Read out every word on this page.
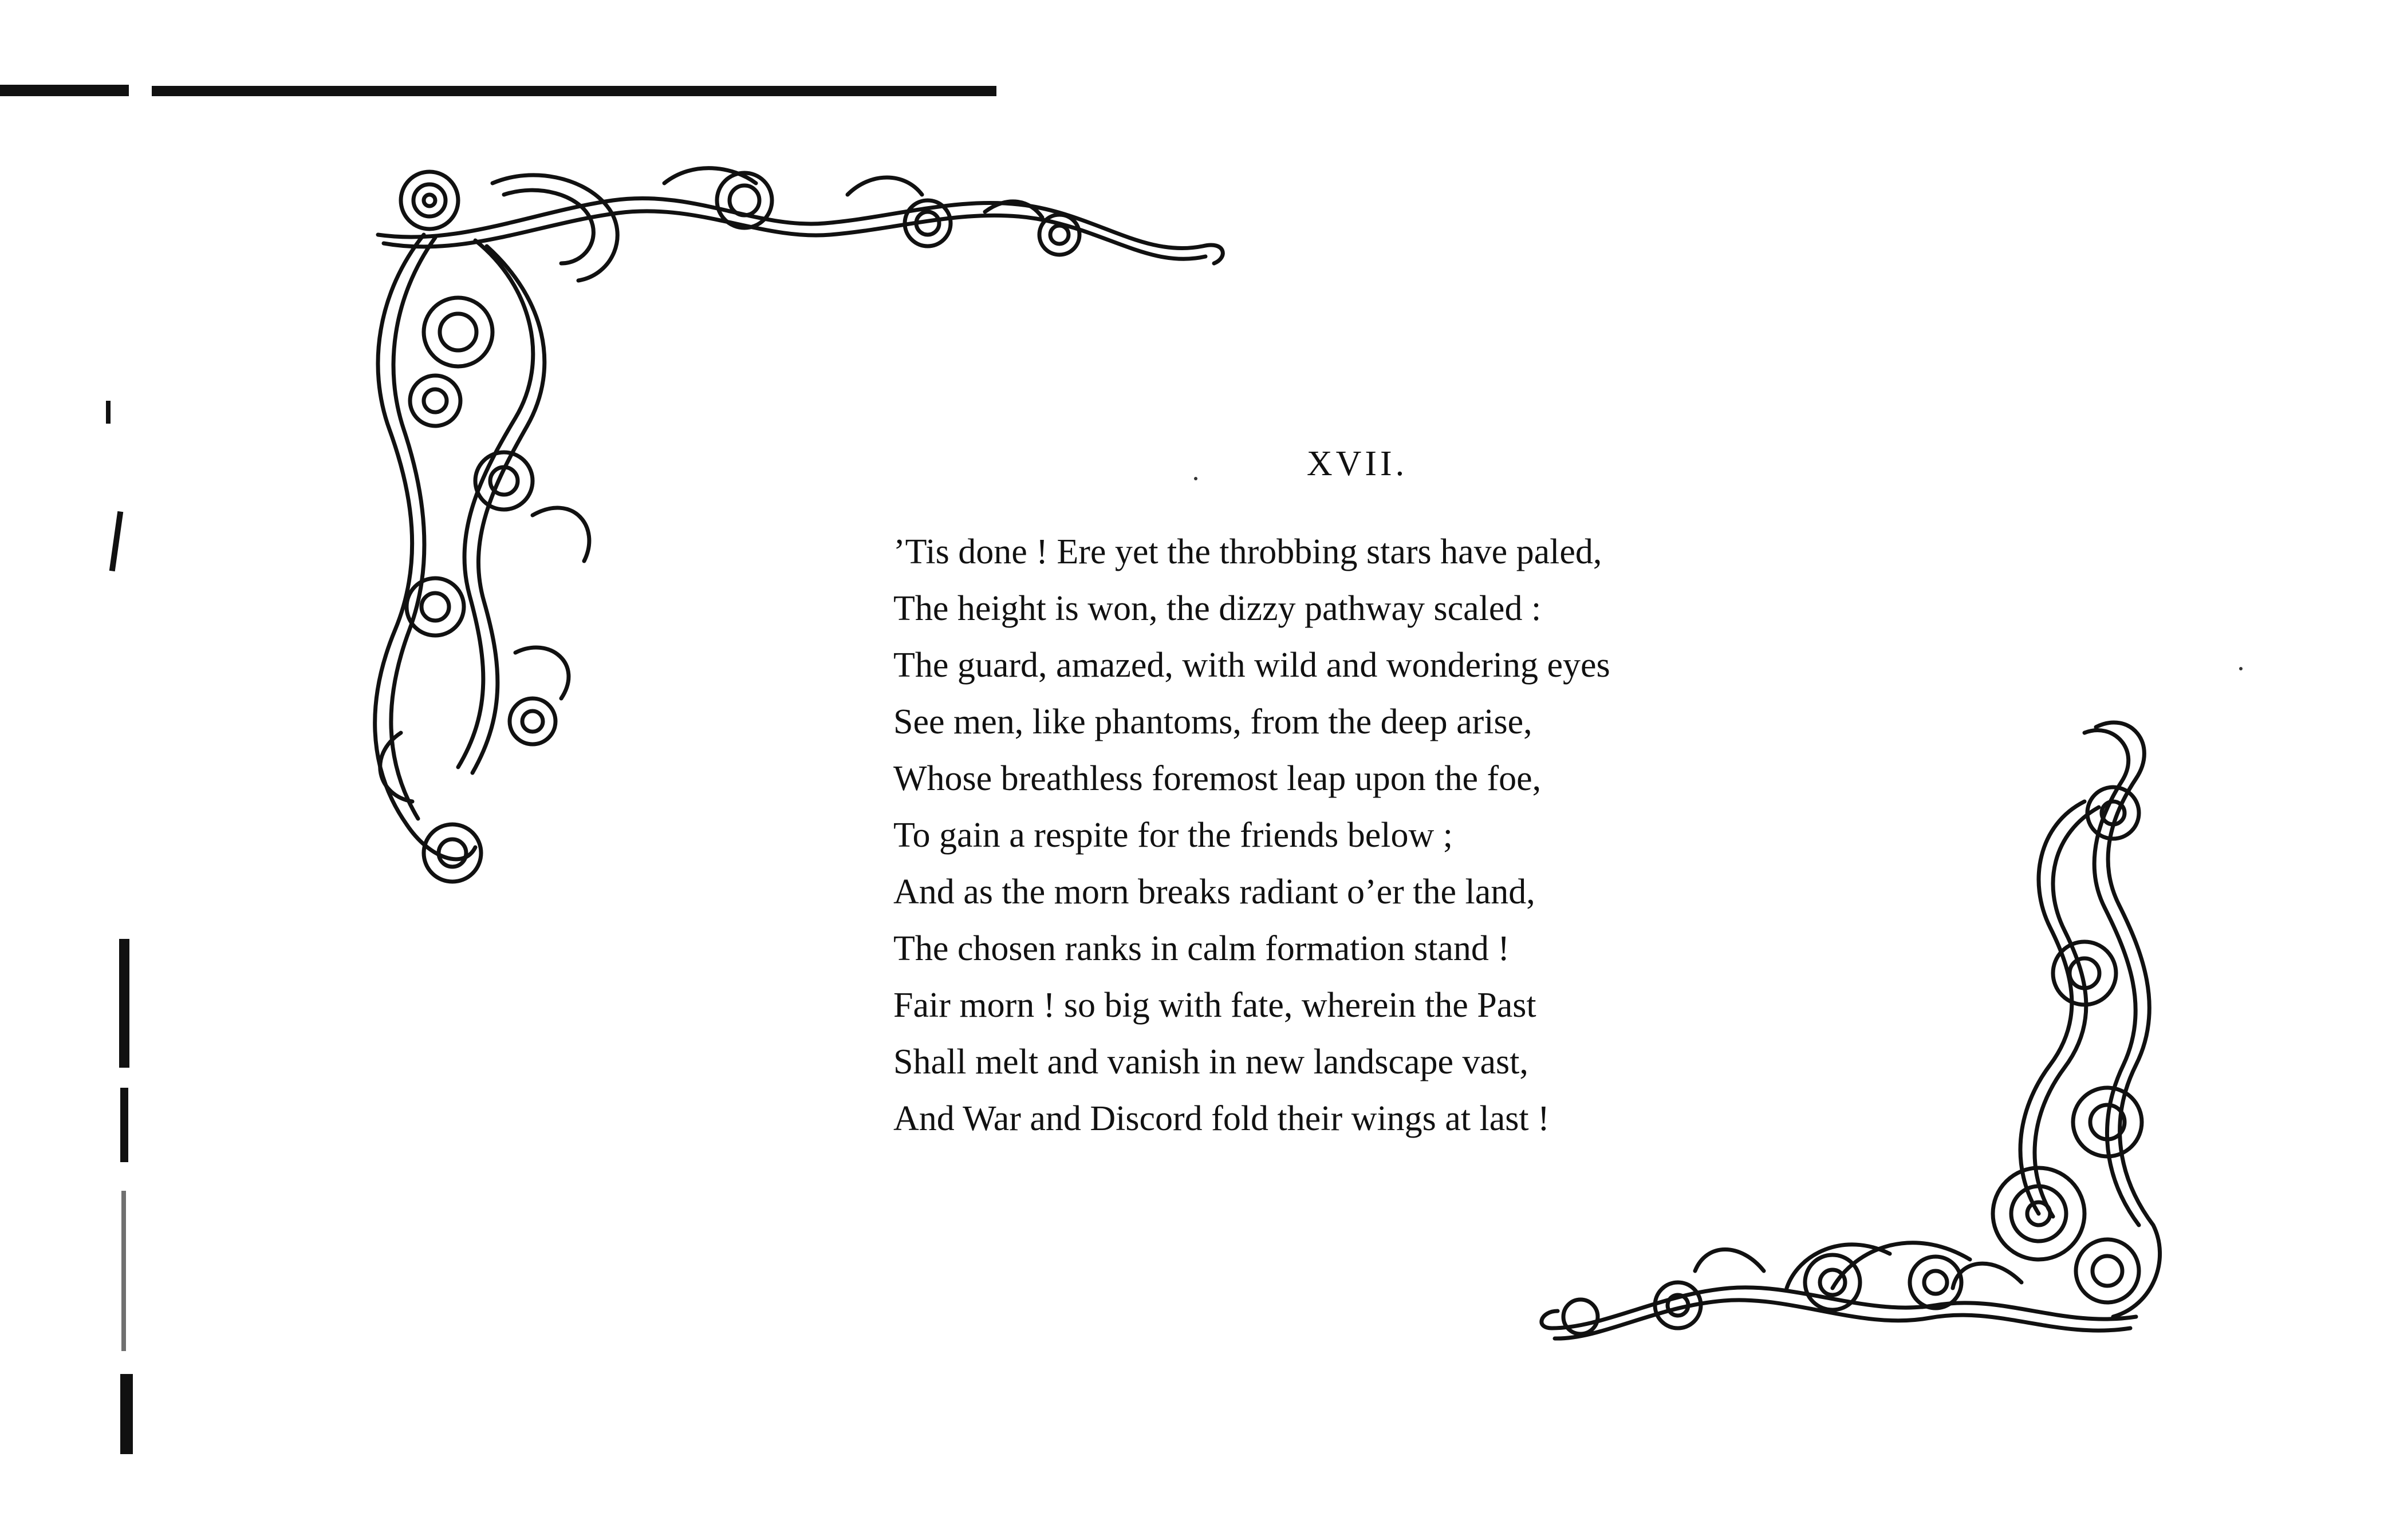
XVII.
’Tis done ! Ere yet the throbbing stars have paled,
The height is won, the dizzy pathway scaled :
The guard, amazed, with wild and wondering eyes
See men, like phantoms, from the deep arise,
Whose breathless foremost leap upon the foe,
To gain a respite for the friends below ;
And as the morn breaks radiant o’er the land,
The chosen ranks in calm formation stand !
Fair morn ! so big with fate, wherein the Past
Shall melt and vanish in new landscape vast,
And War and Discord fold their wings at last !
